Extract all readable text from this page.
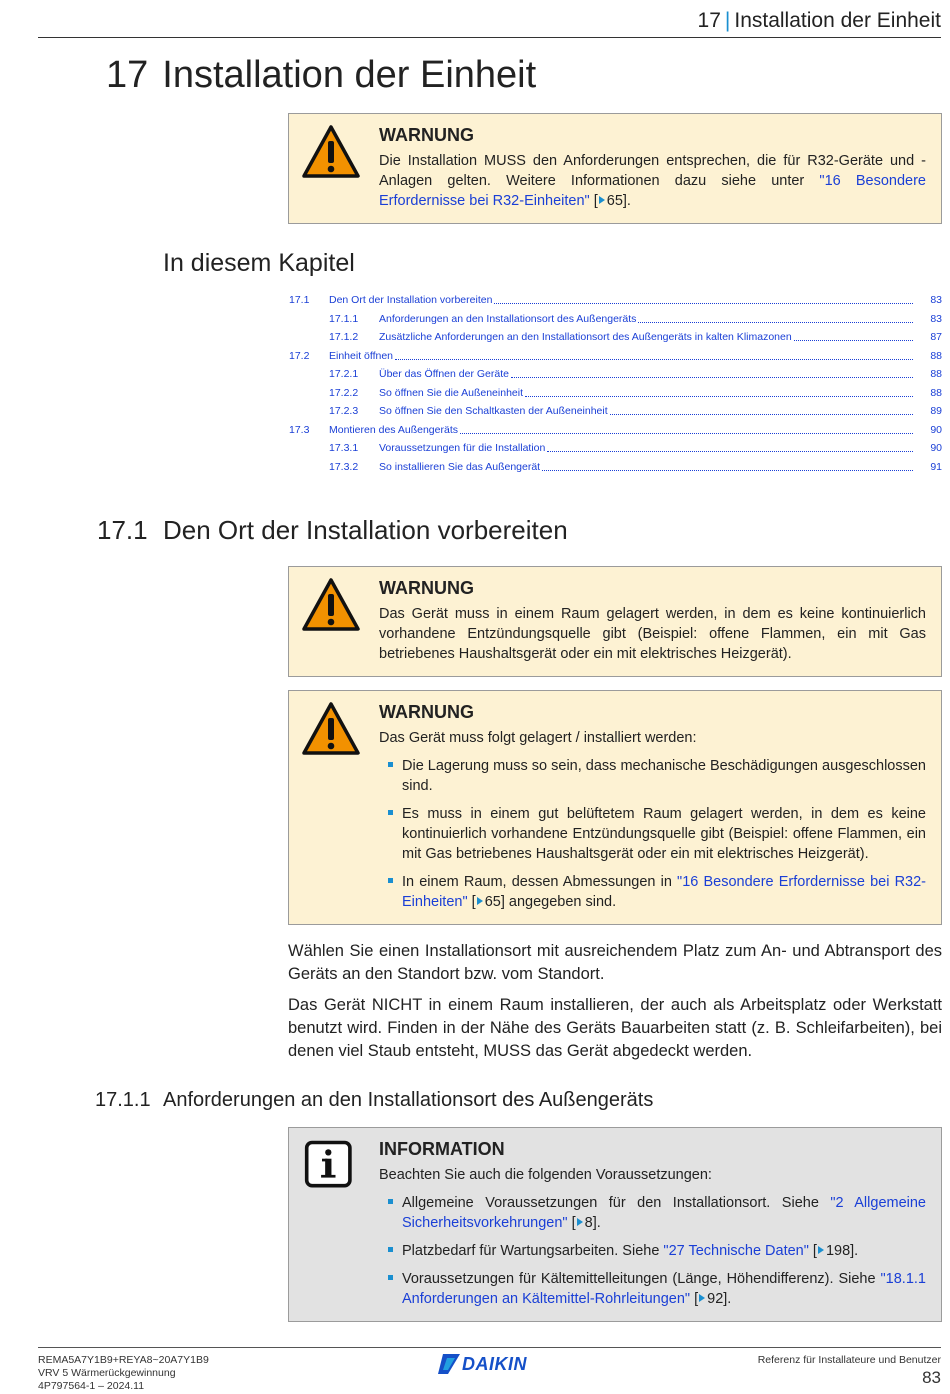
17 | Installation der Einheit
17 Installation der Einheit
WARNUNG

Die Installation MUSS den Anforderungen entsprechen, die für R32-Geräte und -Anlagen gelten. Weitere Informationen dazu siehe unter "16 Besondere Erfordernisse bei R32-Einheiten" [ 65].

In diesem Kapitel
17.1 Den Ort der Installation vorbereiten	83
17.1.1 Anforderungen an den Installationsort des Außengeräts	83
17.1.2 Zusätzliche Anforderungen an den Installationsort des Außengeräts in kalten Klimazonen	87
17.2 Einheit öffnen	88
17.2.1 Über das Öffnen der Geräte	88
17.2.2 So öffnen Sie die Außeneinheit	88
17.2.3 So öffnen Sie den Schaltkasten der Außeneinheit	89
17.3 Montieren des Außengeräts	90
17.3.1 Voraussetzungen für die Installation	90
17.3.2 So installieren Sie das Außengerät	91
17.1 Den Ort der Installation vorbereiten
WARNUNG

Das Gerät muss in einem Raum gelagert werden, in dem es keine kontinuierlich vorhandene Entzündungsquelle gibt (Beispiel: offene Flammen, ein mit Gas betriebenes Haushaltsgerät oder ein mit elektrisches Heizgerät).

WARNUNG

Das Gerät muss folgt gelagert / installiert werden:

Die Lagerung muss so sein, dass mechanische Beschädigungen ausgeschlossen sind.
Es muss in einem gut belüftetem Raum gelagert werden, in dem es keine kontinuierlich vorhandene Entzündungsquelle gibt (Beispiel: offene Flammen, ein mit Gas betriebenes Haushaltsgerät oder ein mit elektrisches Heizgerät).
In einem Raum, dessen Abmessungen in "16 Besondere Erfordernisse bei R32-Einheiten" [ 65] angegeben sind.

Wählen Sie einen Installationsort mit ausreichendem Platz zum An- und Abtransport des Geräts an den Standort bzw. vom Standort.

Das Gerät NICHT in einem Raum installieren, der auch als Arbeitsplatz oder Werkstatt benutzt wird. Finden in der Nähe des Geräts Bauarbeiten statt (z. B. Schleifarbeiten), bei denen viel Staub entsteht, MUSS das Gerät abgedeckt werden.

17.1.1 Anforderungen an den Installationsort des Außengeräts
INFORMATION

Beachten Sie auch die folgenden Voraussetzungen:

Allgemeine Voraussetzungen für den Installationsort. Siehe "2 Allgemeine Sicherheitsvorkehrungen" [ 8].
Platzbedarf für Wartungsarbeiten. Siehe "27 Technische Daten" [ 198].
Voraussetzungen für Kältemittelleitungen (Länge, Höhendifferenz). Siehe "18.1.1 Anforderungen an Kältemittel-Rohrleitungen" [ 92].
REMA5A7Y1B9+REYA8~20A7Y1B9
VRV 5 Wärmerückgewinnung
4P797564-1 – 2024.11
DAIKIN	Referenz für Installateure und Benutzer
83
